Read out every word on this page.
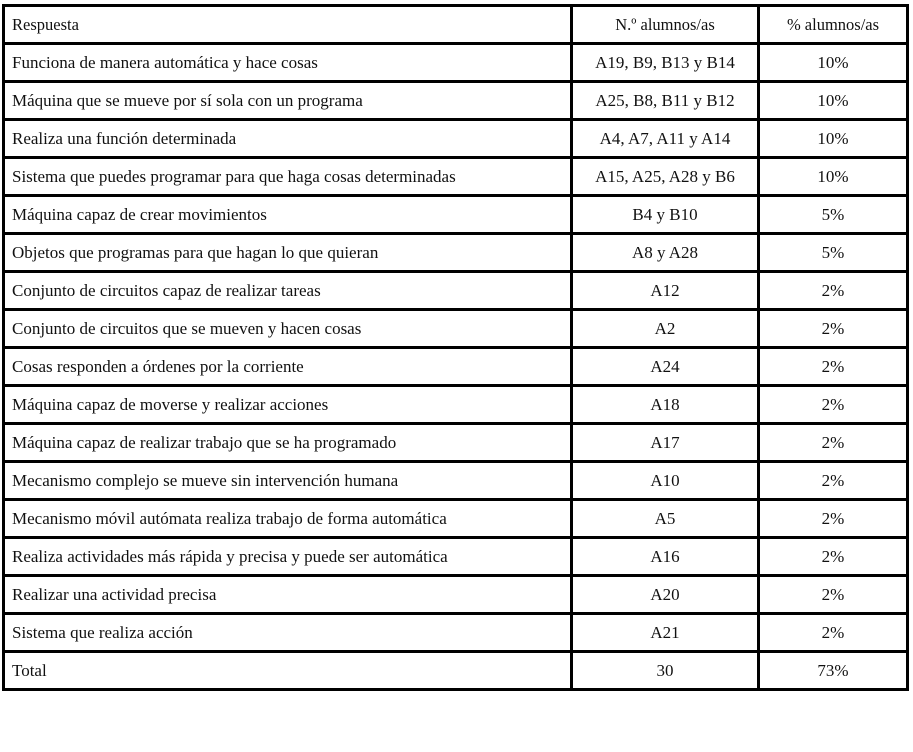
Respuesta	N.º alumnos/as	% alumnos/as
Funciona de manera automática y hace cosas	A19, B9, B13 y B14	10%
Máquina que se mueve por sí sola con un programa	A25, B8, B11 y B12	10%
Realiza una función determinada	A4, A7, A11 y A14	10%
Sistema que puedes programar para que haga cosas determinadas	A15, A25, A28 y B6	10%
Máquina capaz de crear movimientos	B4 y B10	5%
Objetos que programas para que hagan lo que quieran	A8 y A28	5%
Conjunto de circuitos capaz de realizar tareas	A12	2%
Conjunto de circuitos que se mueven y hacen cosas	A2	2%
Cosas responden a órdenes por la corriente	A24	2%
Máquina capaz de moverse y realizar acciones	A18	2%
Máquina capaz de realizar trabajo que se ha programado	A17	2%
Mecanismo complejo se mueve sin intervención humana	A10	2%
Mecanismo móvil autómata realiza trabajo de forma automática	A5	2%
Realiza actividades más rápida y precisa y puede ser automática	A16	2%
Realizar una actividad precisa	A20	2%
Sistema que realiza acción	A21	2%
Total	30	73%
